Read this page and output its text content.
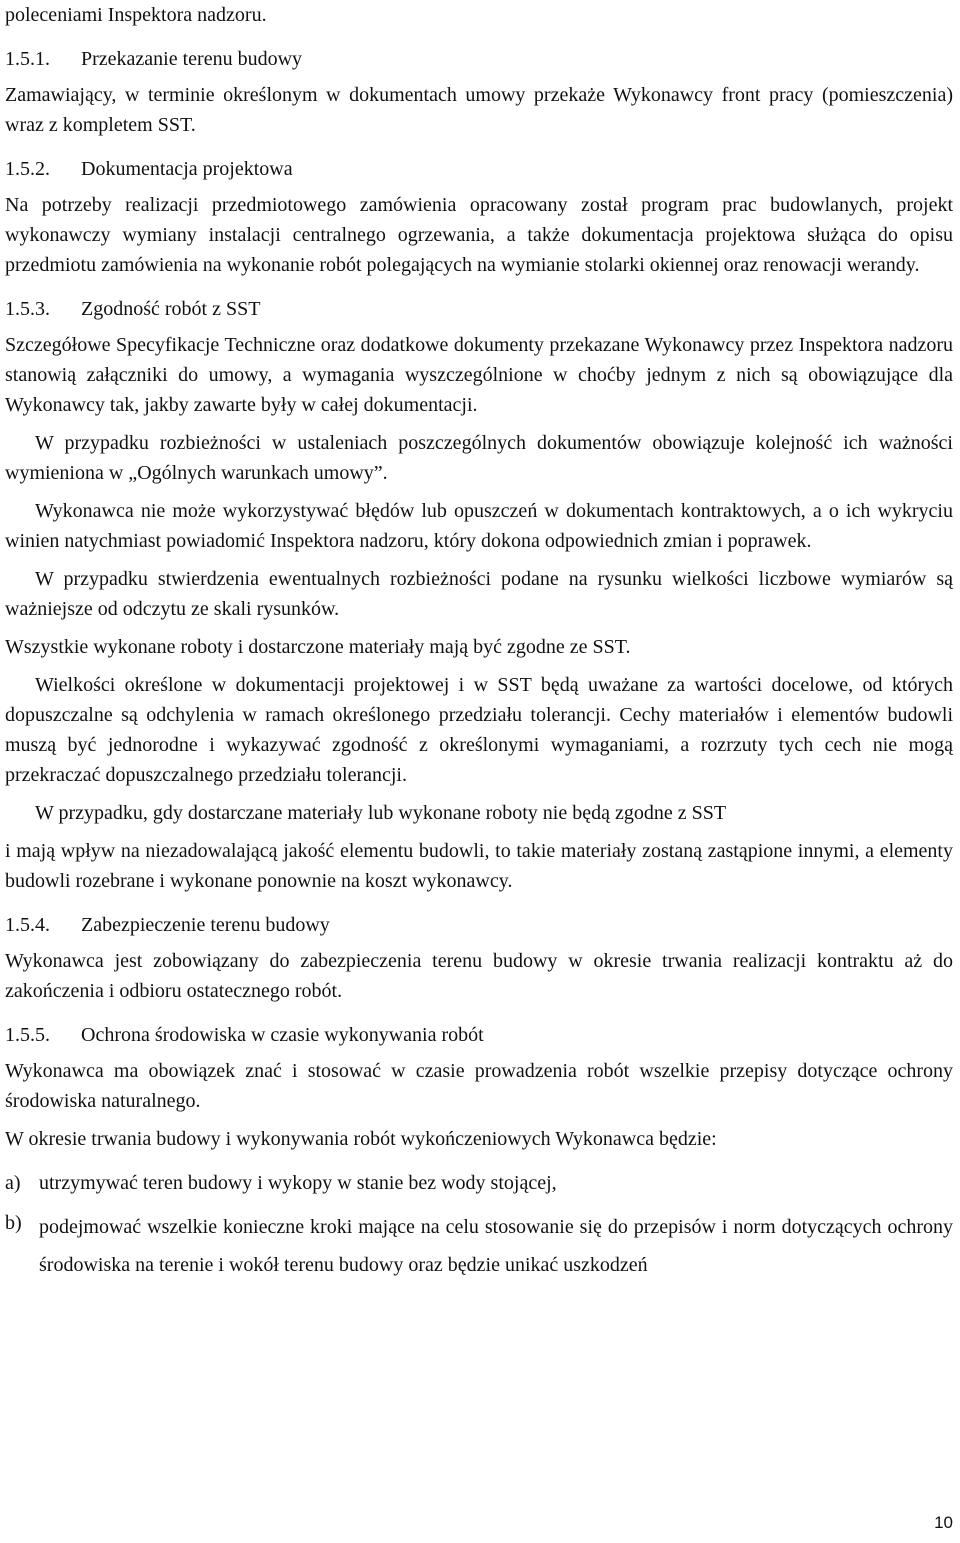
poleceniami Inspektora nadzoru.

1.5.1.	Przekazanie terenu budowy

Zamawiający, w terminie określonym w dokumentach umowy przekaże Wykonawcy front pracy (pomieszczenia) wraz z kompletem SST.

1.5.2.	Dokumentacja projektowa

Na potrzeby realizacji przedmiotowego zamówienia opracowany został program prac budowlanych, projekt wykonawczy wymiany instalacji centralnego ogrzewania, a także dokumentacja projektowa służąca do opisu przedmiotu zamówienia na wykonanie robót polegających na wymianie stolarki okiennej oraz renowacji werandy.

1.5.3.	Zgodność robót z SST

Szczegółowe Specyfikacje Techniczne oraz dodatkowe dokumenty przekazane Wykonawcy przez Inspektora nadzoru stanowią załączniki do umowy, a wymagania wyszczególnione w choćby jednym z nich są obowiązujące dla Wykonawcy tak, jakby zawarte były w całej dokumentacji.

W przypadku rozbieżności w ustaleniach poszczególnych dokumentów obowiązuje kolejność ich ważności wymieniona w „Ogólnych warunkach umowy”.

Wykonawca nie może wykorzystywać błędów lub opuszczeń w dokumentach kontraktowych, a o ich wykryciu winien natychmiast powiadomić Inspektora nadzoru, który dokona odpowiednich zmian i poprawek.

W przypadku stwierdzenia ewentualnych rozbieżności podane na rysunku wielkości liczbowe wymiarów są ważniejsze od odczytu ze skali rysunków.

Wszystkie wykonane roboty i dostarczone materiały mają być zgodne ze SST.

Wielkości określone w dokumentacji projektowej i w SST będą uważane za wartości docelowe, od których dopuszczalne są odchylenia w ramach określonego przedziału tolerancji. Cechy materiałów i elementów budowli muszą być jednorodne i wykazywać zgodność z określonymi wymaganiami, a rozrzuty tych cech nie mogą przekraczać dopuszczalnego przedziału tolerancji.

W przypadku, gdy dostarczane materiały lub wykonane roboty nie będą zgodne z SST

i mają wpływ na niezadowalającą jakość elementu budowli, to takie materiały zostaną zastąpione innymi, a elementy budowli rozebrane i wykonane ponownie na koszt wykonawcy.

1.5.4.	Zabezpieczenie terenu budowy

Wykonawca jest zobowiązany do zabezpieczenia terenu budowy w okresie trwania realizacji kontraktu aż do zakończenia i odbioru ostatecznego robót.

1.5.5.	Ochrona środowiska w czasie wykonywania robót

Wykonawca ma obowiązek znać i stosować w czasie prowadzenia robót wszelkie przepisy dotyczące ochrony środowiska naturalnego.

W okresie trwania budowy i wykonywania robót wykończeniowych Wykonawca będzie:

a) utrzymywać teren budowy i wykopy w stanie bez wody stojącej,
b) podejmować wszelkie konieczne kroki mające na celu stosowanie się do przepisów i norm dotyczących ochrony środowiska na terenie i wokół terenu budowy oraz będzie unikać uszkodzeń
10
